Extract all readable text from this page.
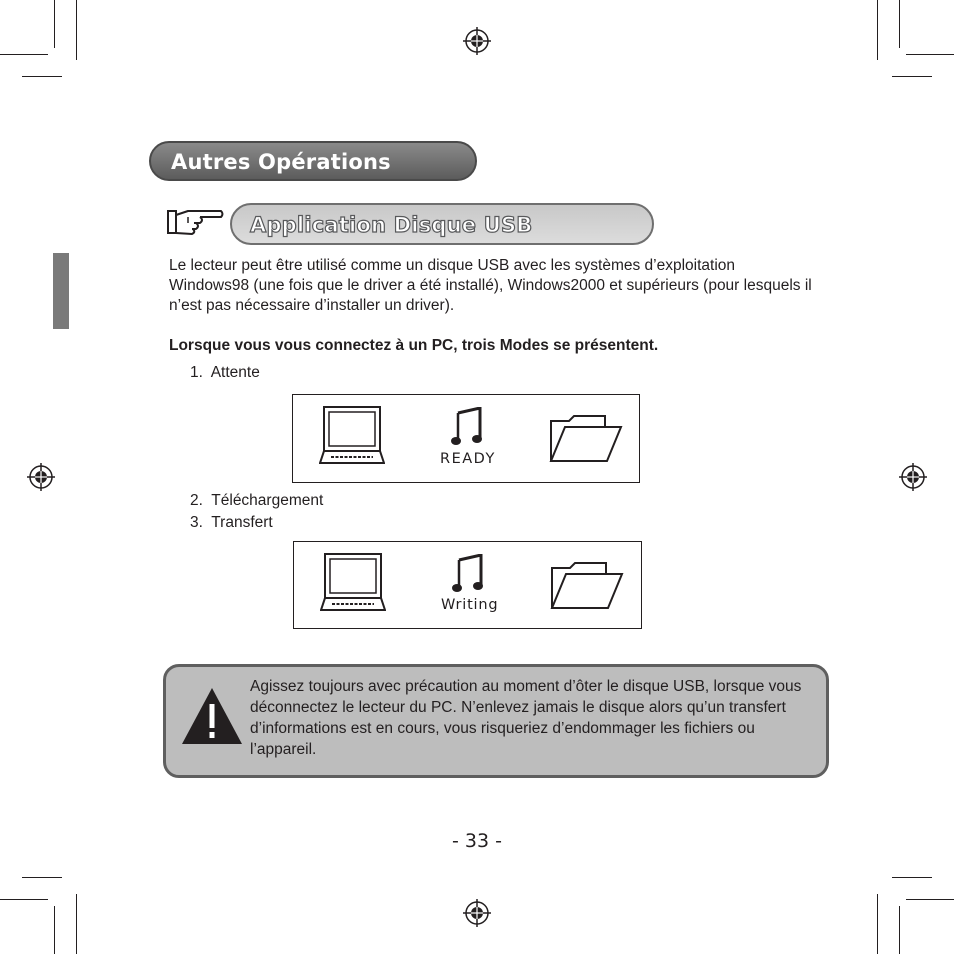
Autres Opérations
Application Disque USB
Le lecteur peut être utilisé comme un disque USB avec les systèmes d’exploitation Windows98 (une fois que le driver a été installé), Windows2000 et supérieurs (pour lesquels il n’est pas nécessaire d’installer un driver).
Lorsque vous vous connectez à un PC, trois Modes se présentent.
1. Attente
READY
2. Téléchargement
3. Transfert
Writing
Agissez toujours avec précaution au moment d’ôter le disque USB, lorsque vous déconnectez le lecteur du PC. N’enlevez jamais le disque alors qu’un transfert d’informations est en cours, vous risqueriez d’endommager les fichiers ou l’appareil.
- 33 -
